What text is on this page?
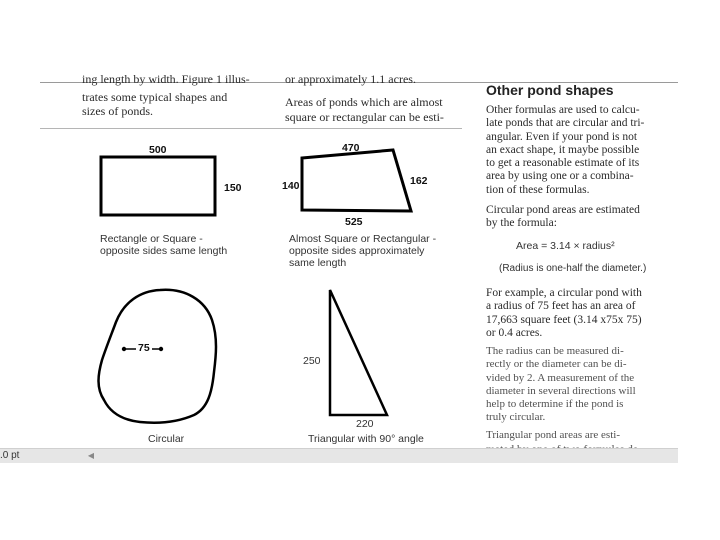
ing length by width. Figure 1 illus-
trates some typical shapes and
sizes of ponds.
or approximately 1.1 acres.
Areas of ponds which are almost
square or rectangular can be esti-
500
150
Rectangle or Square -
opposite sides same length
470
140	162
525
Almost Square or Rectangular -
opposite sides approximately
same length
75
Circular
250
220
Triangular with 90° angle
Other pond shapes
Other formulas are used to calcu-
late ponds that are circular and tri-
angular. Even if your pond is not
an exact shape, it maybe possible
to get a reasonable estimate of its
area by using one or a combina-
tion of these formulas.
Circular pond areas are estimated
by the formula:
Area = 3.14 × radius²
(Radius is one-half the diameter.)
For example, a circular pond with
a radius of 75 feet has an area of
17,663 square feet (3.14 x75x 75)
or 0.4 acres.
The radius can be measured di-
rectly or the diameter can be di-
vided by 2. A measurement of the
diameter in several directions will
help to determine if the pond is
truly circular.
Triangular pond areas are esti-
.0 pt	◀
